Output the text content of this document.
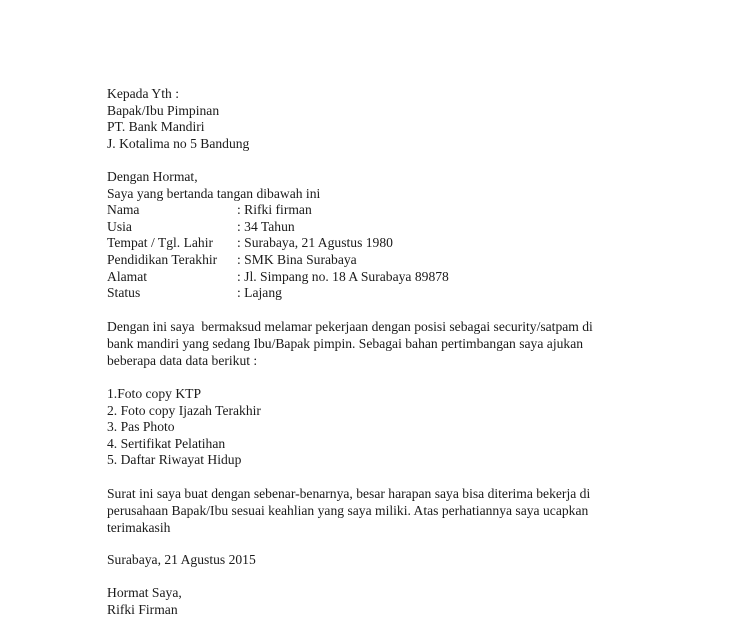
Kepada Yth :
Bapak/Ibu Pimpinan
PT. Bank Mandiri
J. Kotalima no 5 Bandung
Dengan Hormat,
Saya yang bertanda tangan dibawah ini
Nama	: Rifki firman
Usia	: 34 Tahun
Tempat / Tgl. Lahir	: Surabaya, 21 Agustus 1980
Pendidikan Terakhir	: SMK Bina Surabaya
Alamat	: Jl. Simpang no. 18 A Surabaya 89878
Status	: Lajang
Dengan ini saya  bermaksud melamar pekerjaan dengan posisi sebagai security/satpam di
bank mandiri yang sedang Ibu/Bapak pimpin. Sebagai bahan pertimbangan saya ajukan
beberapa data data berikut :
1.Foto copy KTP
2. Foto copy Ijazah Terakhir
3. Pas Photo
4. Sertifikat Pelatihan
5. Daftar Riwayat Hidup
Surat ini saya buat dengan sebenar-benarnya, besar harapan saya bisa diterima bekerja di
perusahaan Bapak/Ibu sesuai keahlian yang saya miliki. Atas perhatiannya saya ucapkan
terimakasih
Surabaya, 21 Agustus 2015
Hormat Saya,
Rifki Firman
